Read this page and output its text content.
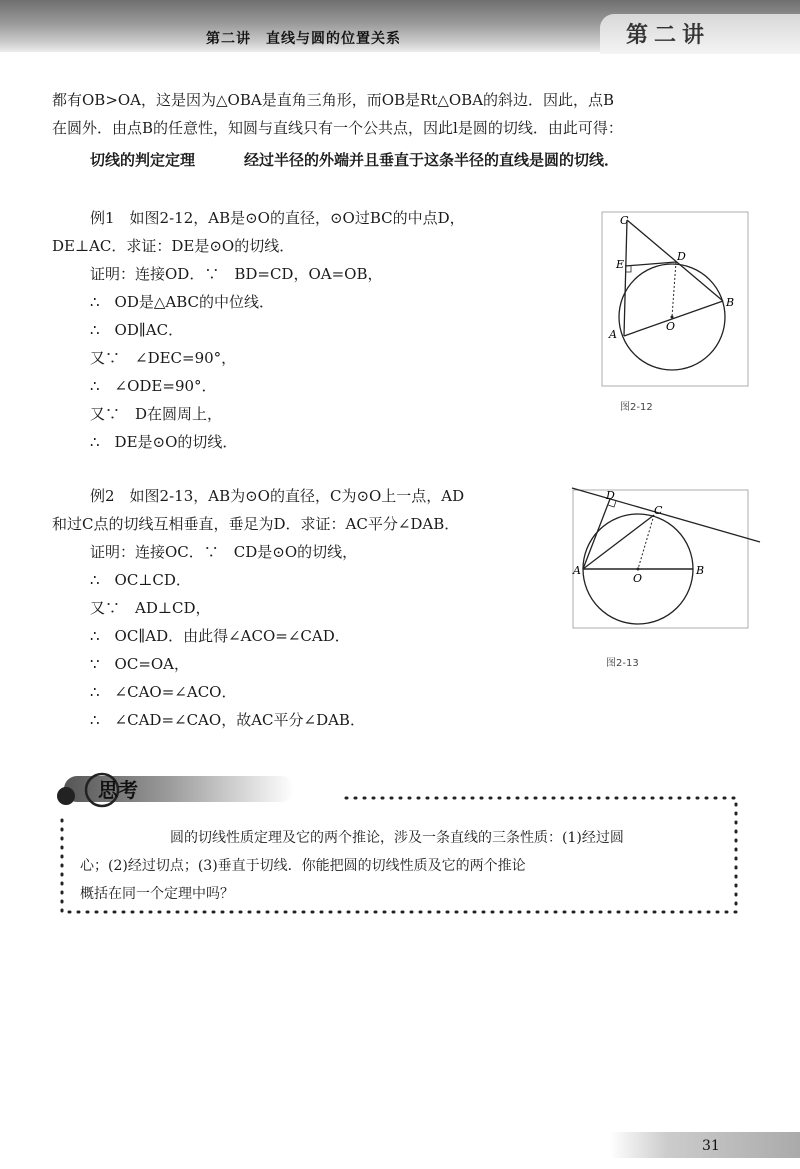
第二讲　直线与圆的位置关系	第二讲
都有OB>OA，这是因为△OBA是直角三角形，而OB是Rt△OBA的斜边．因此，点B
在圆外．由点B的任意性，知圆与直线只有一个公共点，因此l是圆的切线．由此可得：
切线的判定定理	经过半径的外端并且垂直于这条半径的直线是圆的切线．
例1　如图2-12，AB是⊙O的直径，⊙O过BC的中点D，
DE⊥AC．求证：DE是⊙O的切线．
证明：连接OD．∵　BD=CD，OA=OB，
∴　OD是△ABC的中位线．
∴　OD∥AC．
又∵　∠DEC=90°，
∴　∠ODE=90°．
又∵　D在圆周上，
∴　DE是⊙O的切线．
C
E
D
B
A
O
图2-12
例2　如图2-13，AB为⊙O的直径，C为⊙O上一点，AD
和过C点的切线互相垂直，垂足为D．求证：AC平分∠DAB．
证明：连接OC．∵　CD是⊙O的切线，
∴　OC⊥CD．
又∵　AD⊥CD，
∴　OC∥AD．由此得∠ACO=∠CAD．
∵　OC=OA，
∴　∠CAO=∠ACO．
∴　∠CAD=∠CAO，故AC平分∠DAB．
D
C
A	B
O
图2-13
思考
圆的切线性质定理及它的两个推论，涉及一条直线的三条性质：(1)经过圆
心；(2)经过切点；(3)垂直于切线．你能把圆的切线性质及它的两个推论
概括在同一个定理中吗？
31
